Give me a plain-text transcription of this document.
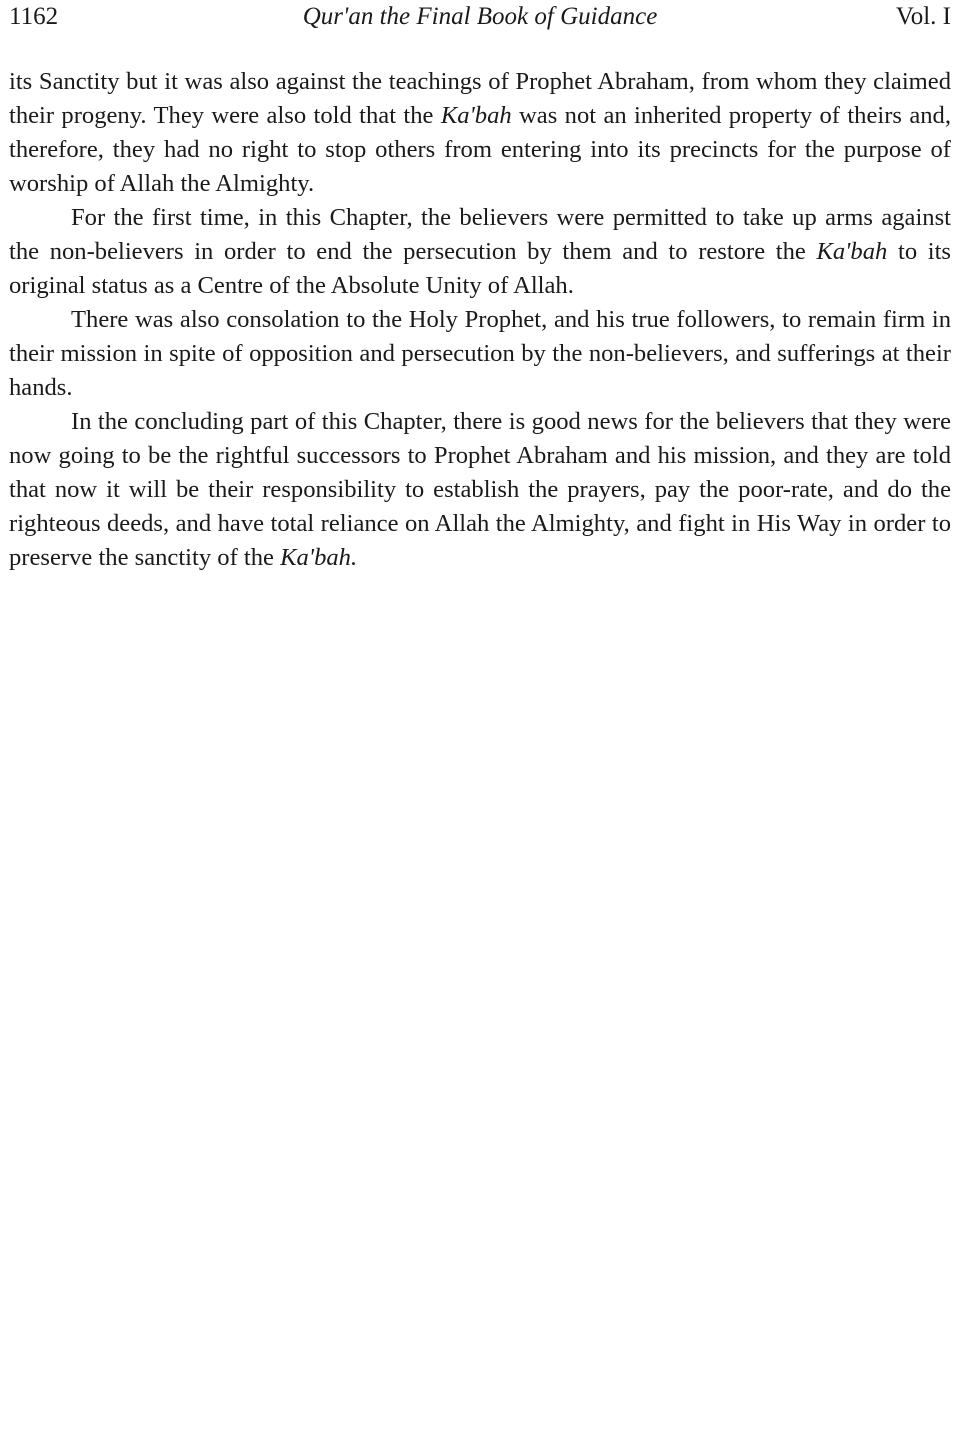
1162	Qur'an the Final Book of Guidance	Vol. I

its Sanctity but it was also against the teachings of Prophet Abraham, from whom they claimed their progeny. They were also told that the Ka'bah was not an inherited property of theirs and, therefore, they had no right to stop others from entering into its precincts for the purpose of worship of Allah the Almighty.

For the first time, in this Chapter, the believers were permitted to take up arms against the non-believers in order to end the persecution by them and to restore the Ka'bah to its original status as a Centre of the Absolute Unity of Allah.

There was also consolation to the Holy Prophet, and his true followers, to remain firm in their mission in spite of opposition and persecution by the non-believers, and sufferings at their hands.

In the concluding part of this Chapter, there is good news for the believers that they were now going to be the rightful successors to Prophet Abraham and his mission, and they are told that now it will be their responsibility to establish the prayers, pay the poor-rate, and do the righteous deeds, and have total reliance on Allah the Almighty, and fight in His Way in order to preserve the sanctity of the Ka'bah.
